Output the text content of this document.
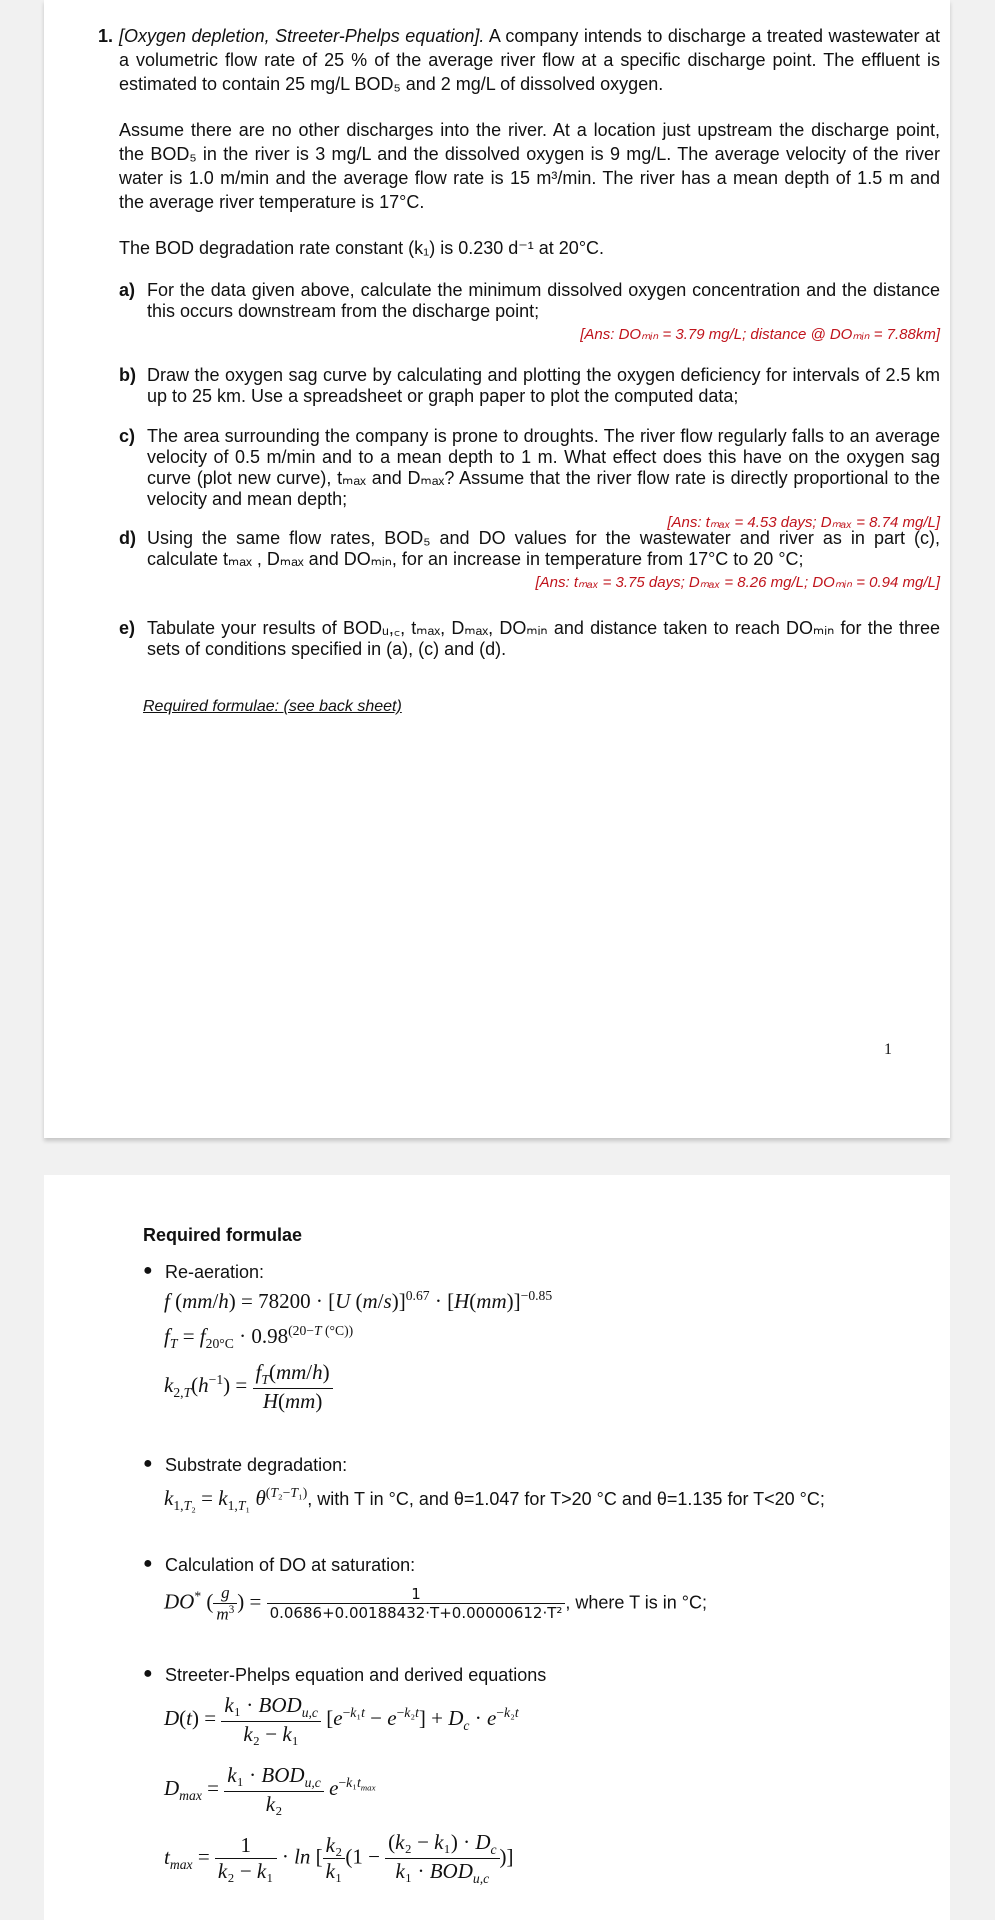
1. [Oxygen depletion, Streeter-Phelps equation]. A company intends to discharge a treated wastewater at a volumetric flow rate of 25 % of the average river flow at a specific discharge point. The effluent is estimated to contain 25 mg/L BOD₅ and 2 mg/L of dissolved oxygen.
Assume there are no other discharges into the river. At a location just upstream the discharge point, the BOD₅ in the river is 3 mg/L and the dissolved oxygen is 9 mg/L. The average velocity of the river water is 1.0 m/min and the average flow rate is 15 m³/min. The river has a mean depth of 1.5 m and the average river temperature is 17°C.
The BOD degradation rate constant (k₁) is 0.230 d⁻¹ at 20°C.
a) For the data given above, calculate the minimum dissolved oxygen concentration and the distance this occurs downstream from the discharge point;
[Ans: DOₘᵢₙ = 3.79 mg/L; distance @ DOₘᵢₙ = 7.88km]
b) Draw the oxygen sag curve by calculating and plotting the oxygen deficiency for intervals of 2.5 km up to 25 km. Use a spreadsheet or graph paper to plot the computed data;
c) The area surrounding the company is prone to droughts. The river flow regularly falls to an average velocity of 0.5 m/min and to a mean depth to 1 m. What effect does this have on the oxygen sag curve (plot new curve), tₘₐₓ and Dₘₐₓ? Assume that the river flow rate is directly proportional to the velocity and mean depth;
[Ans: tₘₐₓ = 4.53 days; Dₘₐₓ = 8.74 mg/L]
d) Using the same flow rates, BOD₅ and DO values for the wastewater and river as in part (c), calculate tₘₐₓ , Dₘₐₓ and DOₘᵢₙ, for an increase in temperature from 17°C to 20 °C;
[Ans: tₘₐₓ = 3.75 days; Dₘₐₓ = 8.26 mg/L; DOₘᵢₙ = 0.94 mg/L]
e) Tabulate your results of BODᵤ,꜀, tₘₐₓ, Dₘₐₓ, DOₘᵢₙ and distance taken to reach DOₘᵢₙ for the three sets of conditions specified in (a), (c) and (d).
Required formulae: (see back sheet)
1
Required formulae
● Re-aeration:
f (mm/h) = 78200 · [U $(m/s)]^{0.67} \cdot [H(mm)]^{-0.85}$
$f_T = f_{20^\circ C} \cdot 0.98^{(20-T (^\circ C))}$
$k_{2,T}(h^{-1}) = \frac{f_T(mm/h)}{H(mm)}$
● Substrate degradation:
$k_{1,T_2} = k_{1,T_1}$ $\theta^{(T_2-T_1)}$, with T in °C, and θ=1.047 for T>20 °C and θ=1.135 for T<20 °C;
● Calculation of DO at saturation:
DO* ( $\frac{g}{m^3}$ ) = $\frac{1}{\text{0.0686+0.00188432·T+0.00000612·T²}}$ , where T is in °C;
● Streeter-Phelps equation and derived equations
$D(t) = \frac{k_1 \cdot BOD_{u,c}}{\text{k₂ − k₁}} [e^{-k_1t} - e^{-k_2t}] + D_c \cdot e^{-k_2t}$
$D_{max} = \frac{k_1 \cdot BOD_{u,c}}{\text{k₂}} e^{-k_1t_{max}}$
$t_{max} = \frac{1}{\text{k₂ − k₁}} \cdot \ln$ [ $\frac{\text{k₂}}{\text{k₁}} (1 - \frac{(k_2 - k_1) \cdot D_c}{k_1 \cdot BOD_{u,c}}$ )]
